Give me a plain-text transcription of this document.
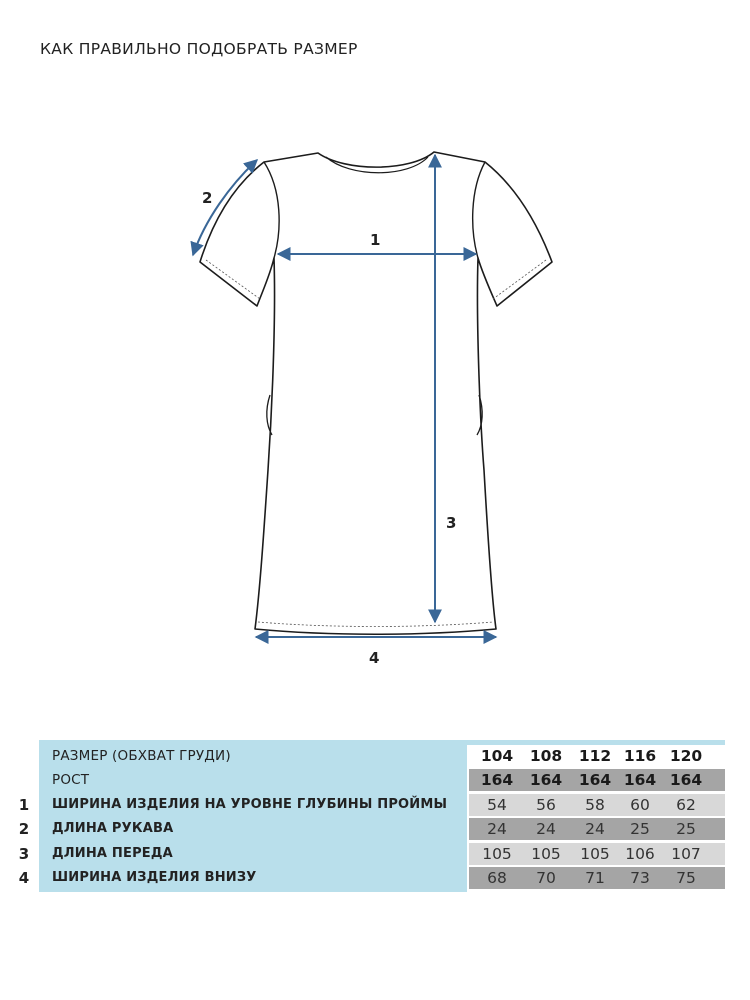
КАК ПРАВИЛЬНО ПОДОБРАТЬ РАЗМЕР
1
2
3
4
РАЗМЕР (ОБХВАТ ГРУДИ)	104 108 112 116 120
РОСТ	164 164 164 164 164
1	ШИРИНА ИЗДЕЛИЯ НА УРОВНЕ ГЛУБИНЫ ПРОЙМЫ	54	56	58	60	62
2	ДЛИНА РУКАВА	24	24	24	25	25
3	ДЛИНА ПЕРЕДА	105	105	105 106	107
4	ШИРИНА ИЗДЕЛИЯ ВНИЗУ	68	70	71	73	75
